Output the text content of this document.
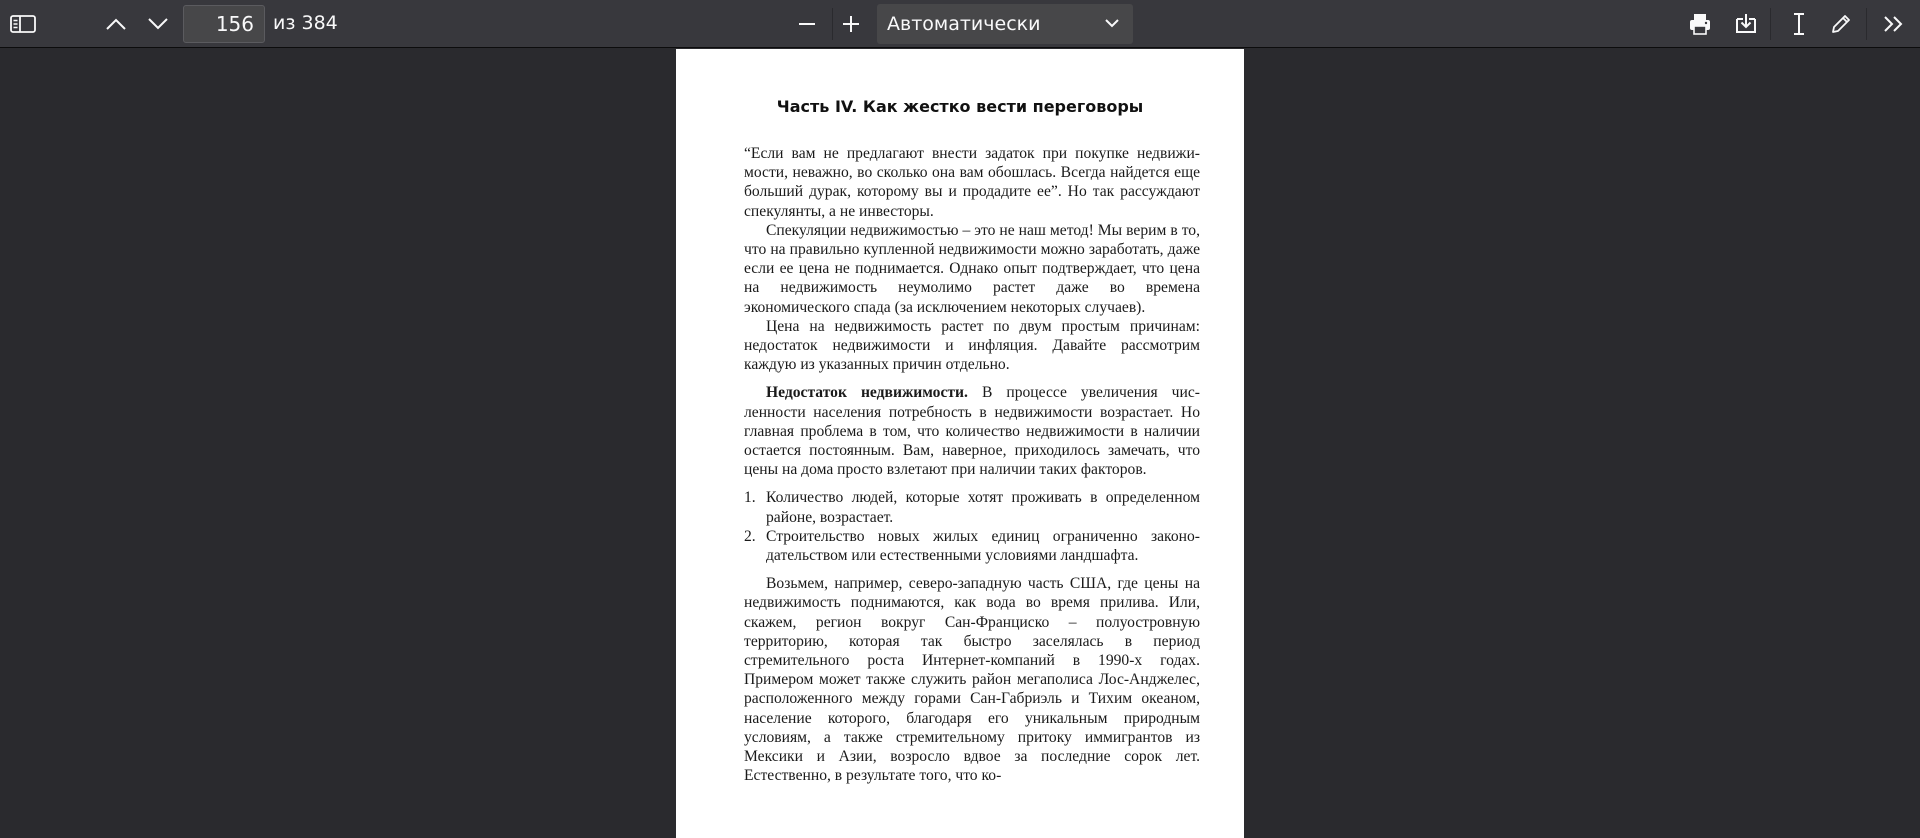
156
из 384	Автоматически
Часть IV. Как жестко вести переговоры

“Если вам не предлагают внести задаток при покупке недвижимости, неважно, во сколько она вам обошлась. Всегда найдется еще больший дурак, которому вы и продадите ее”. Но так рассуждают спекулянты, а не инвесторы.

Спекуляции недвижимостью – это не наш метод! Мы верим в то, что на правильно купленной недвижимости можно заработать, даже если ее цена не поднимается. Однако опыт подтверждает, что цена на недвижимость неумолимо растет даже во времена экономического спада (за исключением некоторых случаев).

Цена на недвижимость растет по двум простым причинам: недостаток недвижимости и инфляция. Давайте рассмотрим каждую из указанных причин отдельно.

Недостаток недвижимости. В процессе увеличения численности населения потребность в недвижимости возрастает. Но главная проблема в том, что количество недвижимости в наличии остается постоянным. Вам, наверное, приходилось замечать, что цены на дома просто взлетают при наличии таких факторов.

1. Количество людей, которые хотят проживать в определенном районе, возрастает.
2. Строительство новых жилых единиц ограниченно законодательством или естественными условиями ландшафта.

Возьмем, например, северо-западную часть США, где цены на недвижимость поднимаются, как вода во время прилива. Или, скажем, регион вокруг Сан-Франциско – полуостровную территорию, которая так быстро заселялась в период стремительного роста Интернет-компаний в 1990-х годах. Примером может также служить район мегаполиса Лос-Анджелес, расположенного между горами Сан-Габриэль и Тихим океаном, население которого, благодаря его уникальным природным условиям, а также стремительному притоку иммигрантов из Мексики и Азии, возросло вдвое за последние сорок лет. Естественно, в результате того, что ко-
